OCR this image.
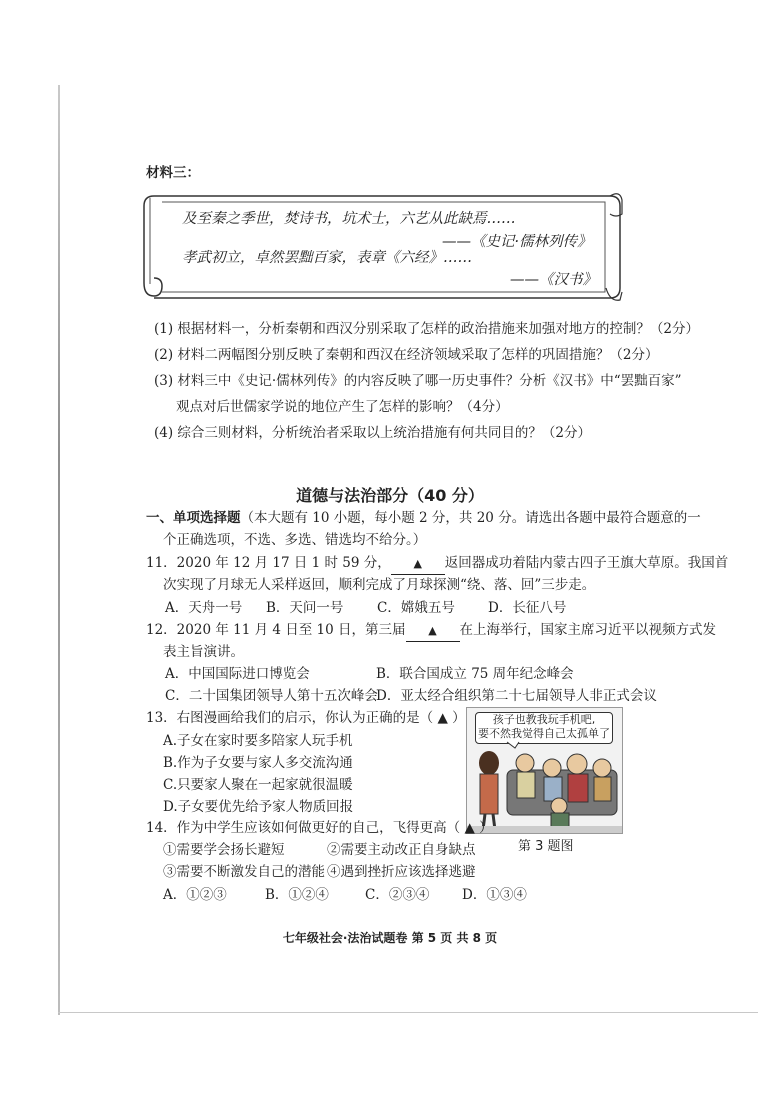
材料三：
及至秦之季世，焚诗书，坑术士，六艺从此缺焉……
——《史记·儒林列传》
孝武初立，卓然罢黜百家，表章《六经》……
——《汉书》
(1) 根据材料一，分析秦朝和西汉分别采取了怎样的政治措施来加强对地方的控制？（2分）
(2) 材料二两幅图分别反映了秦朝和西汉在经济领域采取了怎样的巩固措施？（2分）
(3) 材料三中《史记·儒林列传》的内容反映了哪一历史事件？分析《汉书》中“罢黜百家”
观点对后世儒家学说的地位产生了怎样的影响？（4分）
(4) 综合三则材料，分析统治者采取以上统治措施有何共同目的？（2分）
道德与法治部分（40 分）
一、单项选择题（本大题有 10 小题，每小题 2 分，共 20 分。请选出各题中最符合题意的一
个正确选项，不选、多选、错选均不给分。）
11．2020 年 12 月 17 日 1 时 59 分， ▲ 返回器成功着陆内蒙古四子王旗大草原。我国首
次实现了月球无人采样返回，顺利完成了月球探测“绕、落、回”三步走。
A．天舟一号 B．天问一号 C．嫦娥五号 D．长征八号
12．2020 年 11 月 4 日至 10 日，第三届 ▲ 在上海举行，国家主席习近平以视频方式发
表主旨演讲。
A．中国国际进口博览会	B．联合国成立 75 周年纪念峰会
C．二十国集团领导人第十五次峰会
D．亚太经合组织第二十七届领导人非正式会议
13．右图漫画给我们的启示，你认为正确的是（ ▲ ）
A.子女在家时要多陪家人玩手机
B.作为子女要与家人多交流沟通
C.只要家人聚在一起家就很温暖
D.子女要优先给予家人物质回报
孩子也教我玩手机吧,
要不然我觉得自己太孤单了
第 3 题图
14．作为中学生应该如何做更好的自己，飞得更高（ ▲ ）
①需要学会扬长避短	②需要主动改正自身缺点
③需要不断激发自己的潜能 ④遇到挫折应该选择逃避
A．①②③	B．①②④	C．②③④ D．①③④
七年级社会·法治试题卷 第 5 页 共 8 页
